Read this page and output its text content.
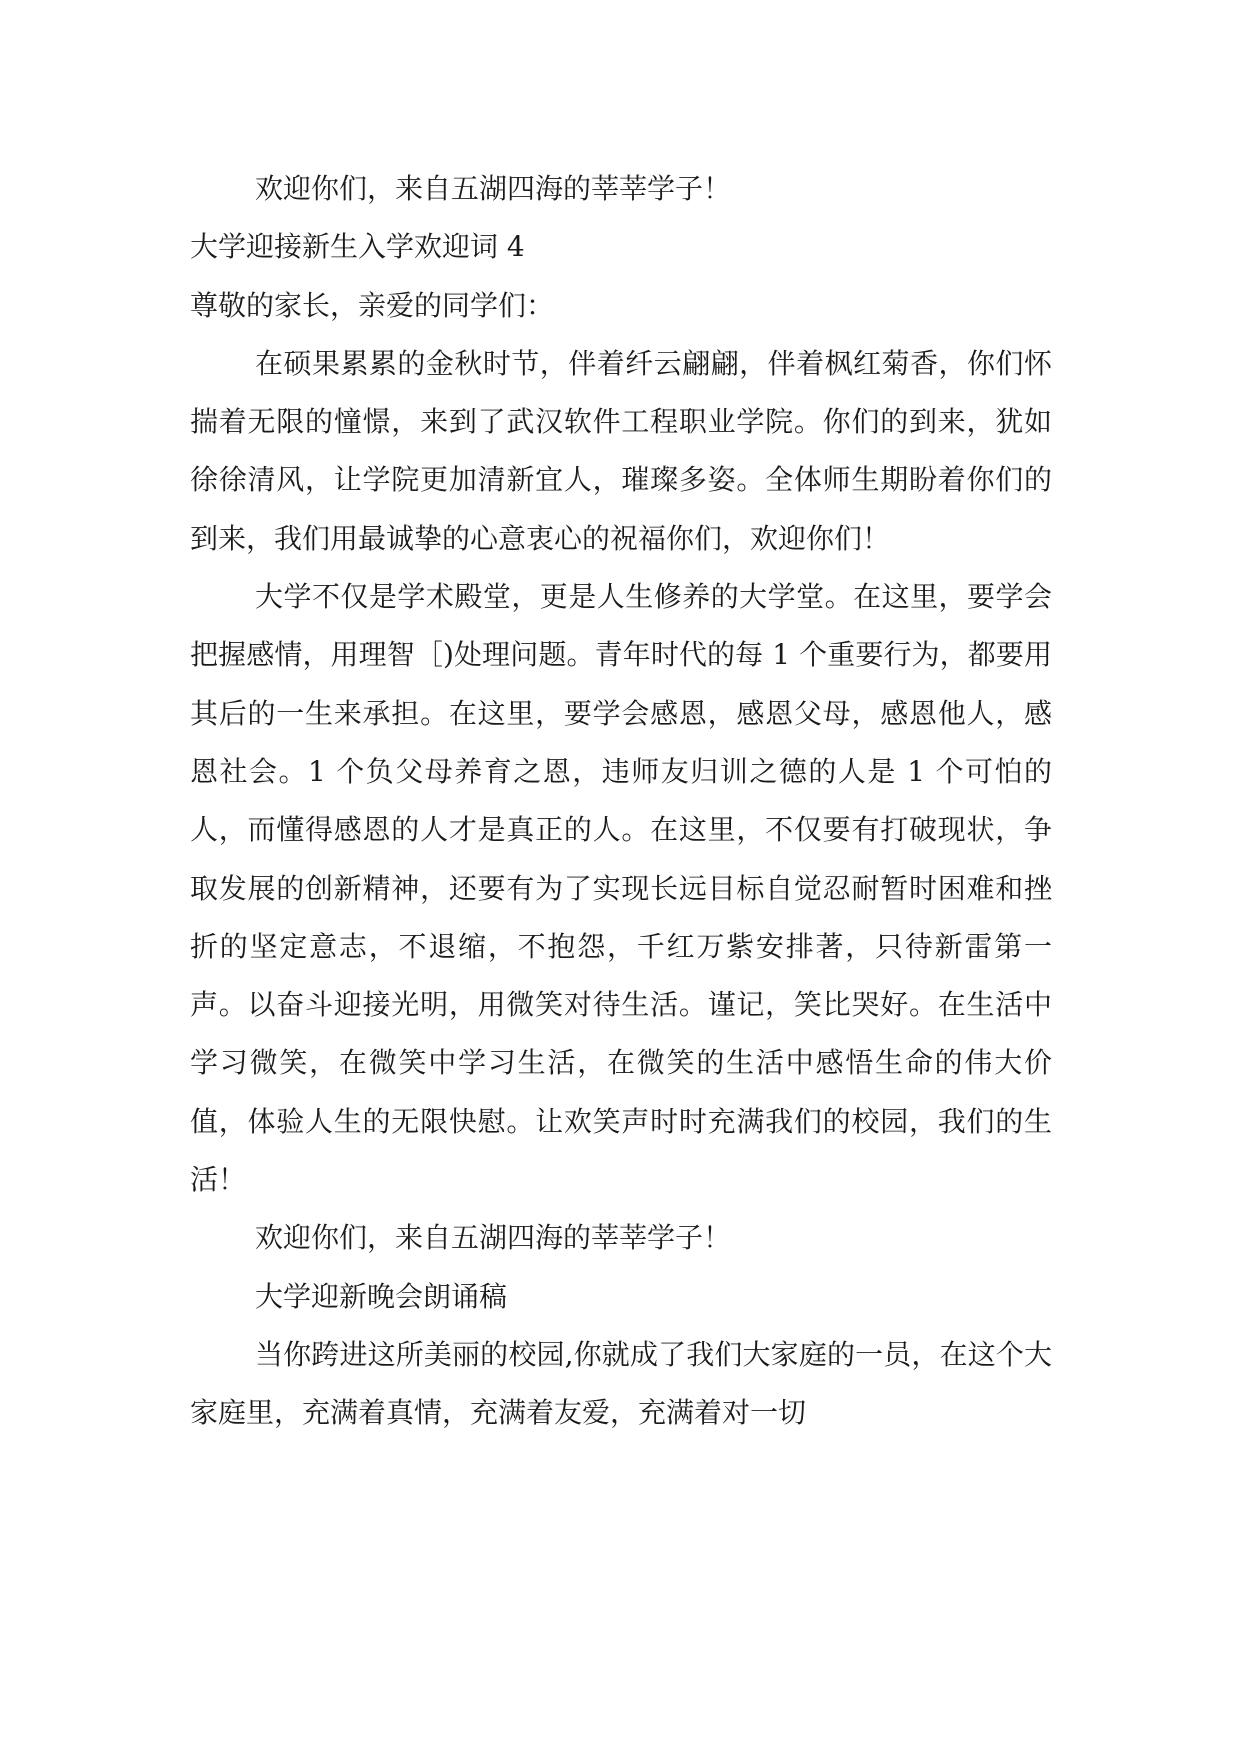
欢迎你们，来自五湖四海的莘莘学子！

大学迎接新生入学欢迎词 4

尊敬的家长，亲爱的同学们：

在硕果累累的金秋时节，伴着纤云翩翩，伴着枫红菊香，你们怀揣着无限的憧憬，来到了武汉软件工程职业学院。你们的到来，犹如徐徐清风，让学院更加清新宜人，璀璨多姿。全体师生期盼着你们的到来，我们用最诚挚的心意衷心的祝福你们，欢迎你们！

大学不仅是学术殿堂，更是人生修养的大学堂。在这里，要学会把握感情，用理智［)处理问题。青年时代的每 1 个重要行为，都要用其后的一生来承担。在这里，要学会感恩，感恩父母，感恩他人，感恩社会。1 个负父母养育之恩，违师友归训之德的人是 1 个可怕的人，而懂得感恩的人才是真正的人。在这里，不仅要有打破现状，争取发展的创新精神，还要有为了实现长远目标自觉忍耐暂时困难和挫折的坚定意志，不退缩，不抱怨，千红万紫安排著，只待新雷第一声。以奋斗迎接光明，用微笑对待生活。谨记，笑比哭好。在生活中学习微笑，在微笑中学习生活，在微笑的生活中感悟生命的伟大价值，体验人生的无限快慰。让欢笑声时时充满我们的校园，我们的生活！

欢迎你们，来自五湖四海的莘莘学子！

大学迎新晚会朗诵稿

当你跨进这所美丽的校园,你就成了我们大家庭的一员，在这个大家庭里，充满着真情，充满着友爱，充满着对一切
